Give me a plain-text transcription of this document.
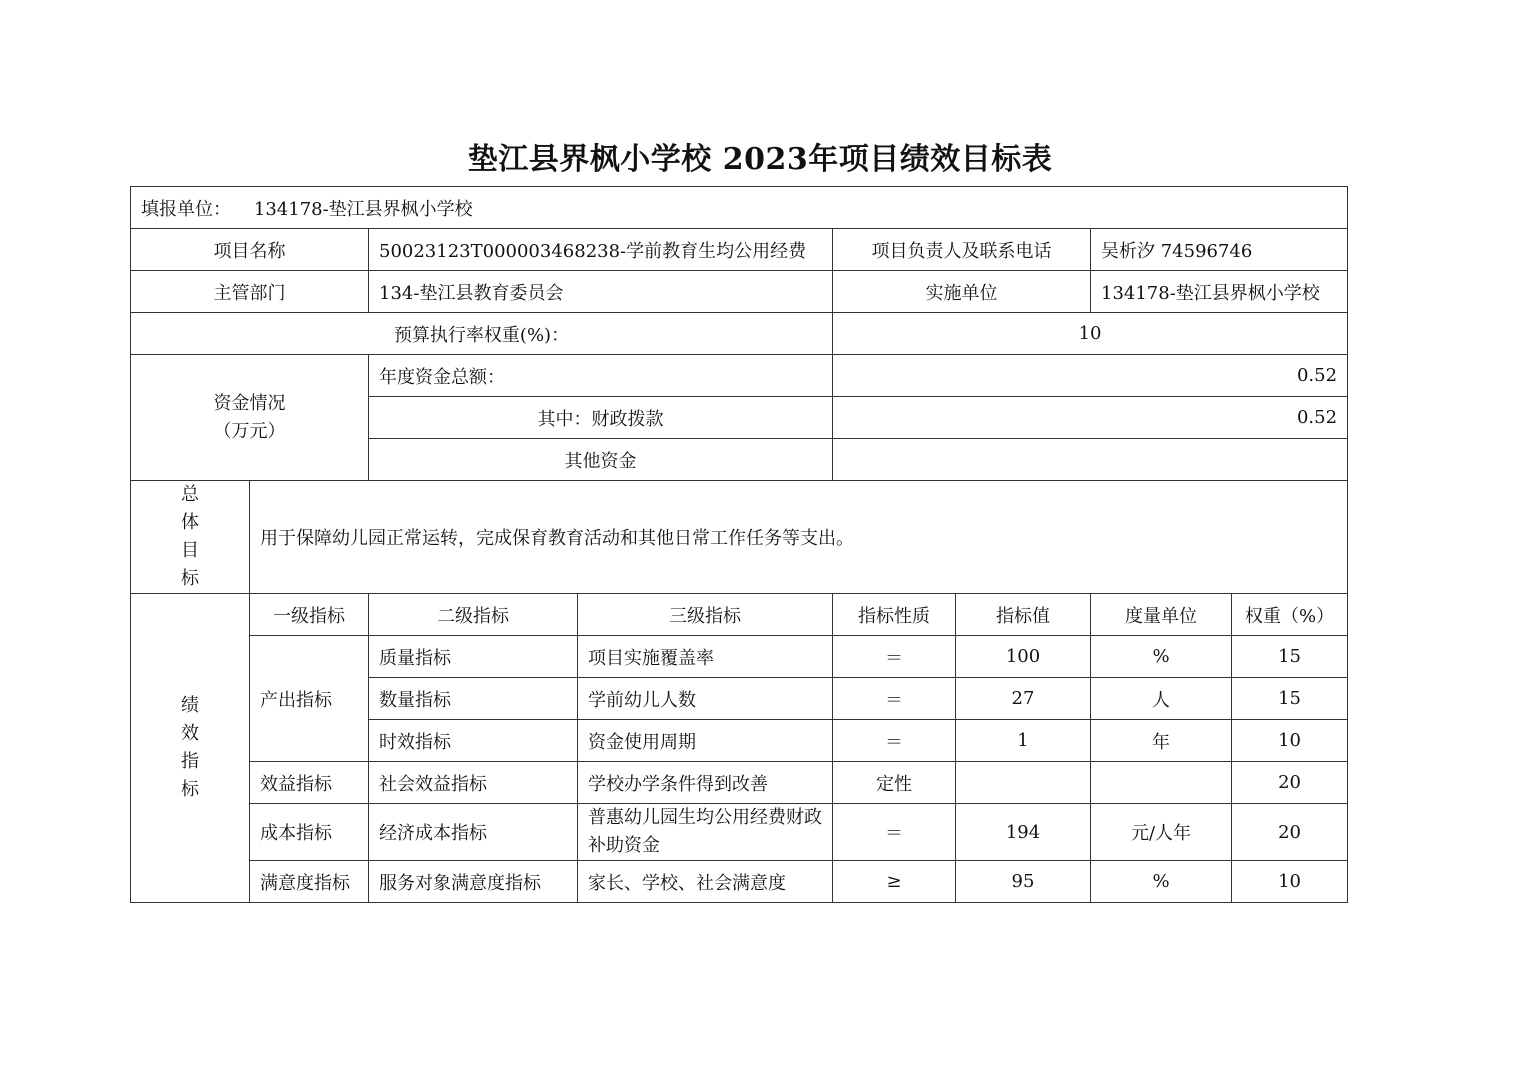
垫江县界枫小学校 2023年项目绩效目标表
填报单位： 134178-垫江县界枫小学校							
项目名称		50023123T000003468238-学前教育生均公用经费		项目负责人及联系电话		吴析汐 74596746	
主管部门		134-垫江县教育委员会		实施单位		134178-垫江县界枫小学校	
预算执行率权重(%)：				10			

资金情况
（万元）		年度资金总额：		0.52			
		其中：财政拨款		0.52			
		其他资金					

总
体
目
标	用于保障幼儿园正常运转，完成保育教育活动和其他日常工作任务等支出。						

绩
效
指
标	一级指标	二级指标	三级指标	指标性质	指标值	度量单位	权重（%）
	产出指标	质量指标	项目实施覆盖率	＝	100	%	15
		数量指标	学前幼儿人数	＝	27	人	15
		时效指标	资金使用周期	＝	1	年	10
	效益指标	社会效益指标	学校办学条件得到改善	定性			20
	成本指标	经济成本指标	普惠幼儿园生均公用经费财政补助资金	＝	194	元/人年	20
	满意度指标	服务对象满意度指标	家长、学校、社会满意度	≥	95	%	10
